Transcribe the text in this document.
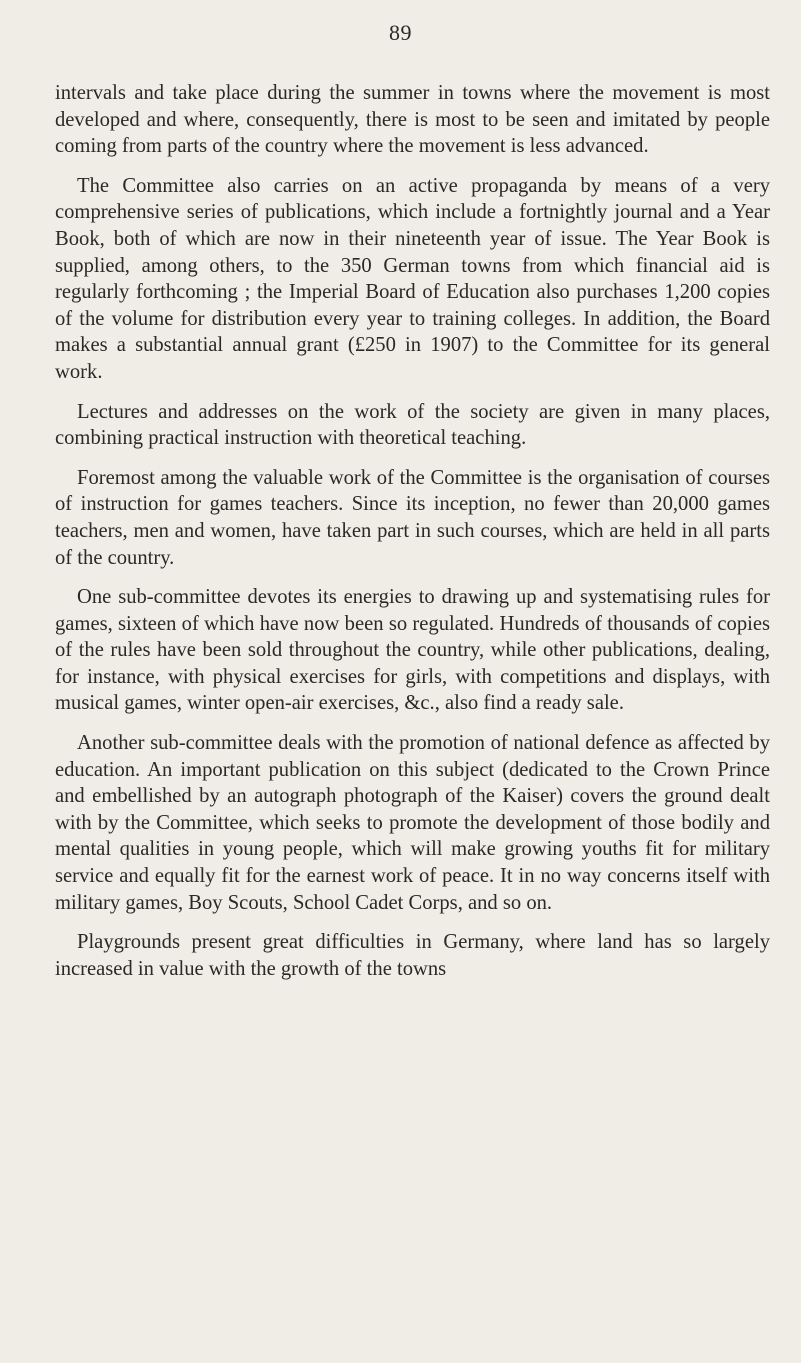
89

intervals and take place during the summer in towns where the movement is most developed and where, consequently, there is most to be seen and imitated by people coming from parts of the country where the movement is less advanced.

The Committee also carries on an active propaganda by means of a very comprehensive series of publications, which include a fortnightly journal and a Year Book, both of which are now in their nineteenth year of issue. The Year Book is supplied, among others, to the 350 German towns from which financial aid is regularly forthcoming ; the Imperial Board of Education also purchases 1,200 copies of the volume for distribution every year to training colleges. In addition, the Board makes a substantial annual grant (£250 in 1907) to the Committee for its general work.

Lectures and addresses on the work of the society are given in many places, combining practical instruction with theoretical teaching.

Foremost among the valuable work of the Committee is the organisation of courses of instruction for games teachers. Since its inception, no fewer than 20,000 games teachers, men and women, have taken part in such courses, which are held in all parts of the country.

One sub-committee devotes its energies to drawing up and systematising rules for games, sixteen of which have now been so regulated. Hundreds of thousands of copies of the rules have been sold throughout the country, while other publications, dealing, for instance, with physical exercises for girls, with competitions and displays, with musical games, winter open-air exercises, &c., also find a ready sale.

Another sub-committee deals with the promotion of national defence as affected by education. An important publication on this subject (dedicated to the Crown Prince and embellished by an autograph photograph of the Kaiser) covers the ground dealt with by the Committee, which seeks to promote the development of those bodily and mental qualities in young people, which will make growing youths fit for military service and equally fit for the earnest work of peace. It in no way concerns itself with military games, Boy Scouts, School Cadet Corps, and so on.

Playgrounds present great difficulties in Germany, where land has so largely increased in value with the growth of the towns
